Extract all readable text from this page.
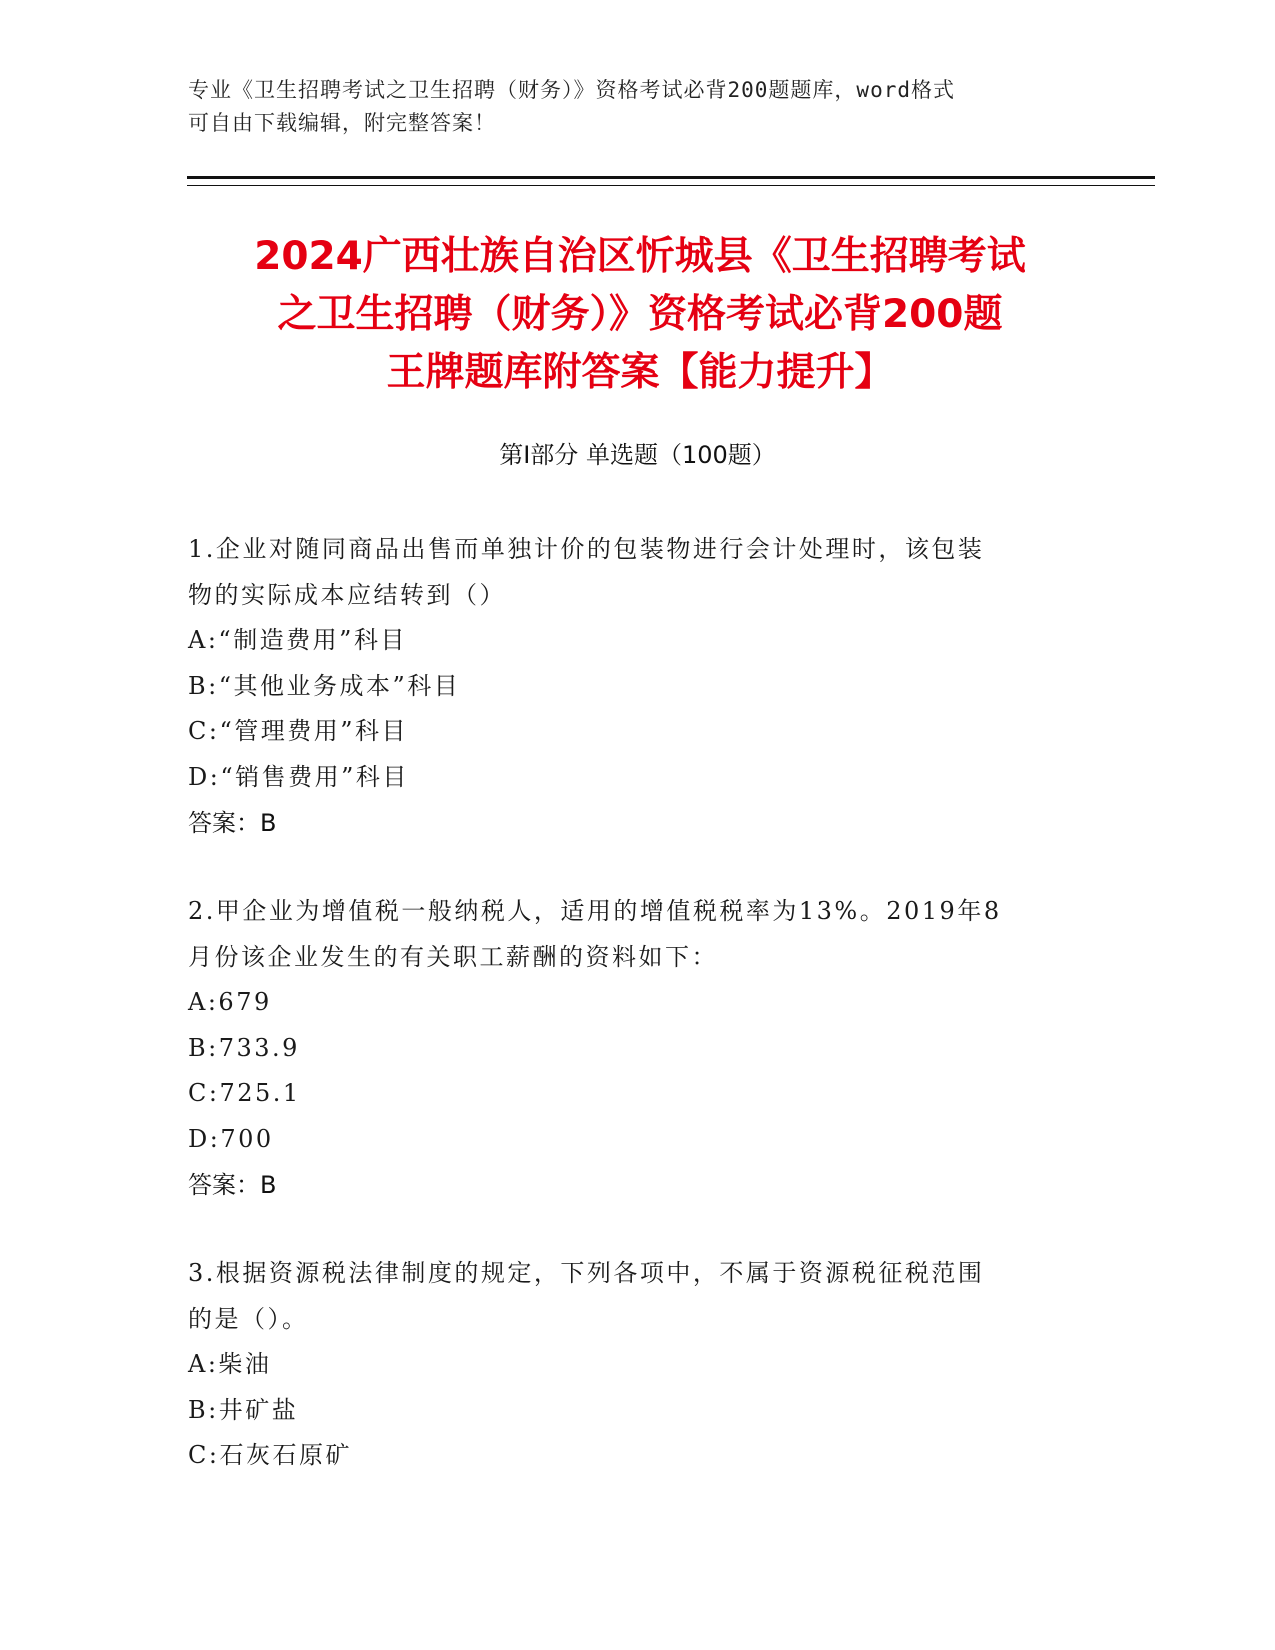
专业《卫生招聘考试之卫生招聘（财务）》资格考试必背200题题库，word格式
可自由下载编辑，附完整答案！
2024广西壮族自治区忻城县《卫生招聘考试
之卫生招聘（财务）》资格考试必背200题
王牌题库附答案【能力提升】
第Ⅰ部分 单选题（100题）
1.企业对随同商品出售而单独计价的包装物进行会计处理时，该包装
物的实际成本应结转到（）
A:“制造费用”科目
B:“其他业务成本”科目
C:“管理费用”科目
D:“销售费用”科目
答案：B
2.甲企业为增值税一般纳税人，适用的增值税税率为13%。2019年8
月份该企业发生的有关职工薪酬的资料如下：
A:679
B:733.9
C:725.1
D:700
答案：B
3.根据资源税法律制度的规定，下列各项中，不属于资源税征税范围
的是（）。
A:柴油
B:井矿盐
C:石灰石原矿
